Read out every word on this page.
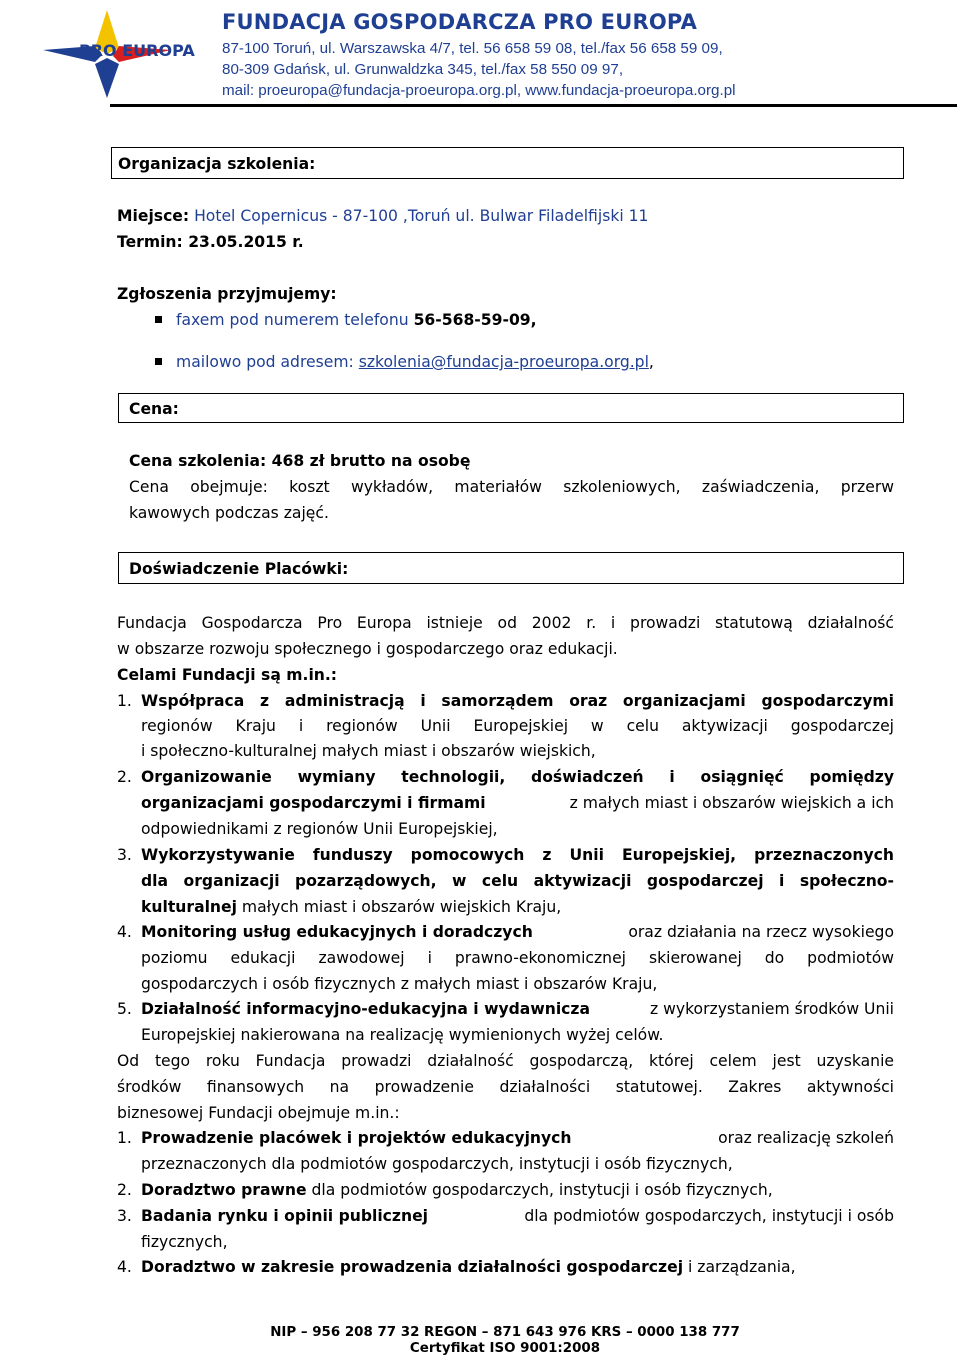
PRO EUROPA
FUNDACJA GOSPODARCZA PRO EUROPA
87-100 Toruń, ul. Warszawska 4/7, tel. 56 658 59 08, tel./fax 56 658 59 09,
80-309 Gdańsk, ul. Grunwaldzka 345, tel./fax 58 550 09 97,
mail: proeuropa@fundacja-proeuropa.org.pl, www.fundacja-proeuropa.org.pl
Organizacja szkolenia:
Miejsce: Hotel Copernicus - 87-100 ,Toruń ul. Bulwar Filadelfijski 11
Termin: 23.05.2015 r.
Zgłoszenia przyjmujemy:
faxem pod numerem telefonu 56-568-59-09,
mailowo pod adresem: szkolenia@fundacja-proeuropa.org.pl,
Cena:
Cena szkolenia: 468 zł brutto na osobę
Cena obejmuje: koszt wykładów, materiałów szkoleniowych, zaświadczenia, przerw
kawowych podczas zajęć.
Doświadczenie Placówki:
Fundacja Gospodarcza Pro Europa istnieje od 2002 r. i prowadzi statutową działalność
w obszarze rozwoju społecznego i gospodarczego oraz edukacji.
Celami Fundacji są m.in.:
1. Współpraca z administracją i samorządem oraz organizacjami gospodarczymi
regionów Kraju i regionów Unii Europejskiej w celu aktywizacji gospodarczej
i społeczno-kulturalnej małych miast i obszarów wiejskich,
2. Organizowanie wymiany technologii, doświadczeń i osiągnięć pomiędzy
organizacjami gospodarczymi i firmami	z małych miast i obszarów wiejskich a ich
odpowiednikami z regionów Unii Europejskiej,
3. Wykorzystywanie funduszy pomocowych z Unii Europejskiej, przeznaczonych
dla organizacji pozarządowych, w celu aktywizacji gospodarczej i społeczno-
kulturalnej małych miast i obszarów wiejskich Kraju,
4. Monitoring usług edukacyjnych i doradczych	oraz działania na rzecz wysokiego
poziomu edukacji zawodowej i prawno-ekonomicznej skierowanej do podmiotów
gospodarczych i osób fizycznych z małych miast i obszarów Kraju,
5. Działalność informacyjno-edukacyjna i wydawnicza	z wykorzystaniem środków Unii
Europejskiej nakierowana na realizację wymienionych wyżej celów.
Od tego roku Fundacja prowadzi działalność gospodarczą, której celem jest uzyskanie
środków finansowych na prowadzenie działalności statutowej. Zakres aktywności
biznesowej Fundacji obejmuje m.in.:
1. Prowadzenie placówek i projektów edukacyjnych	oraz realizację szkoleń
przeznaczonych dla podmiotów gospodarczych, instytucji i osób fizycznych,
2. Doradztwo prawne dla podmiotów gospodarczych, instytucji i osób fizycznych,
3. Badania rynku i opinii publicznej	dla podmiotów gospodarczych, instytucji i osób
fizycznych,
4. Doradztwo w zakresie prowadzenia działalności gospodarczej i zarządzania,
NIP – 956 208 77 32 REGON – 871 643 976 KRS – 0000 138 777
Certyfikat ISO 9001:2008
